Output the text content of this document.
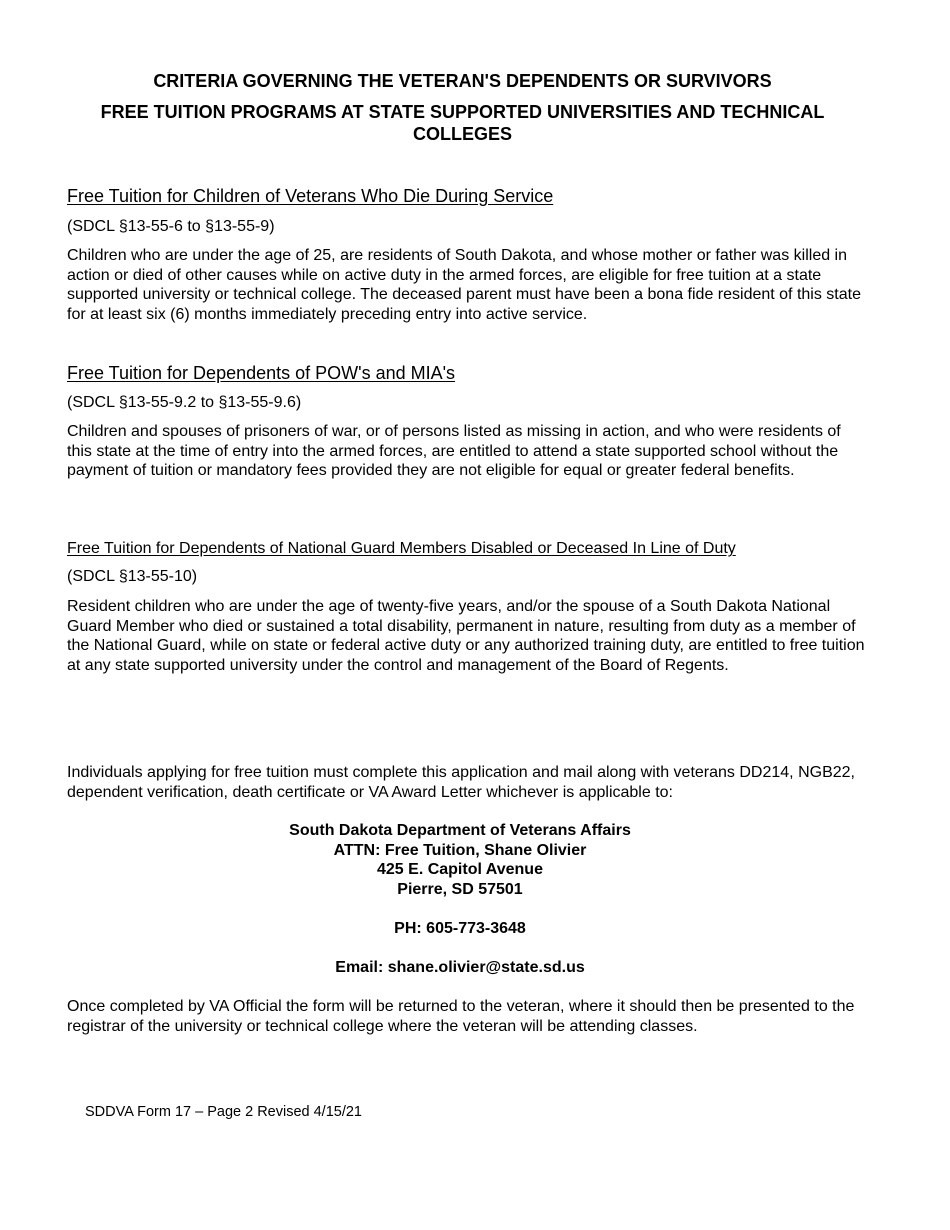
CRITERIA GOVERNING THE VETERAN'S DEPENDENTS OR SURVIVORS
FREE TUITION PROGRAMS AT STATE SUPPORTED UNIVERSITIES AND TECHNICAL COLLEGES
Free Tuition for Children of Veterans Who Die During Service
(SDCL §13-55-6 to §13-55-9)
Children who are under the age of 25, are residents of South Dakota, and whose mother or father was killed in action or died of other causes while on active duty in the armed forces, are eligible for free tuition at a state supported university or technical college. The deceased parent must have been a bona fide resident of this state for at least six (6) months immediately preceding entry into active service.
Free Tuition for Dependents of POW's and MIA's
(SDCL §13-55-9.2 to §13-55-9.6)
Children and spouses of prisoners of war, or of persons listed as missing in action, and who were residents of this state at the time of entry into the armed forces, are entitled to attend a state supported school without the payment of tuition or mandatory fees provided they are not eligible for equal or greater federal benefits.
Free Tuition for Dependents of National Guard Members Disabled or Deceased In Line of Duty
(SDCL §13-55-10)
Resident children who are under the age of twenty-five years, and/or the spouse of a South Dakota National Guard Member who died or sustained a total disability, permanent in nature, resulting from duty as a member of the National Guard, while on state or federal active duty or any authorized training duty, are entitled to free tuition at any state supported university under the control and management of the Board of Regents.
Individuals applying for free tuition must complete this application and mail along with veterans DD214, NGB22, dependent verification, death certificate or VA Award Letter whichever is applicable to:
South Dakota Department of Veterans Affairs
ATTN: Free Tuition, Shane Olivier
425 E. Capitol Avenue
Pierre, SD 57501
PH: 605-773-3648
Email: shane.olivier@state.sd.us
Once completed by VA Official the form will be returned to the veteran, where it should then be presented to the registrar of the university or technical college where the veteran will be attending classes.
SDDVA Form 17 – Page 2 Revised 4/15/21
